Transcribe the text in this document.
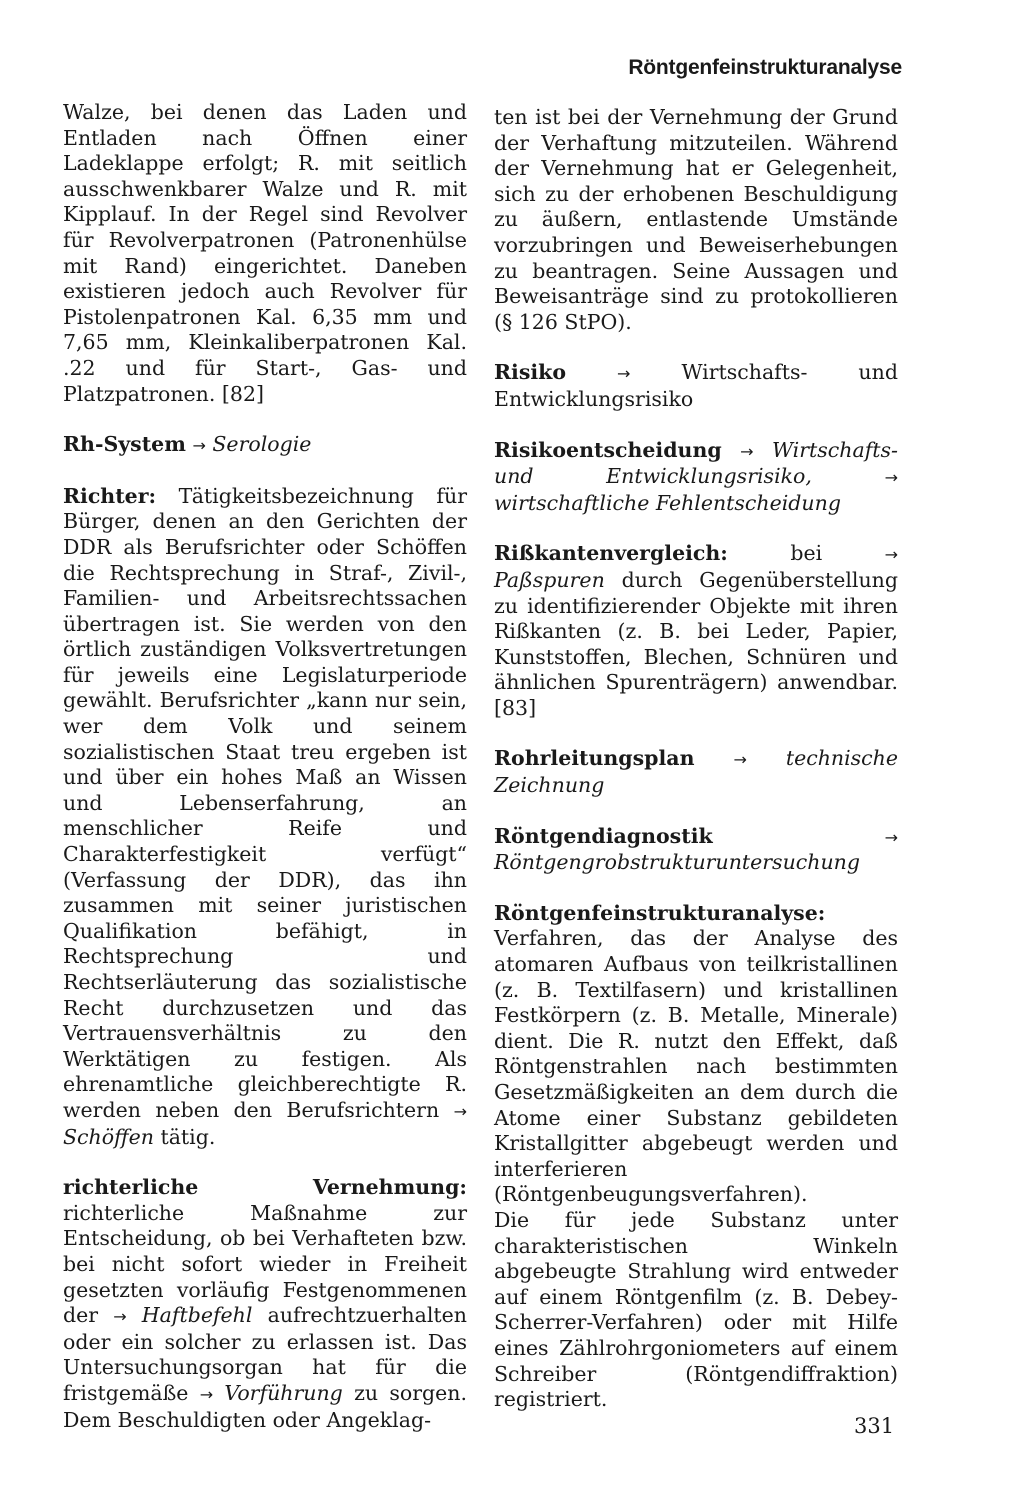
Röntgenfeinstrukturanalyse

Walze, bei denen das Laden und Entladen nach Öffnen einer Ladeklappe erfolgt; R. mit seitlich ausschwenkbarer Walze und R. mit Kipplauf. In der Regel sind Revolver für Revolverpatronen (Patronenhülse mit Rand) eingerichtet. Daneben existieren jedoch auch Revolver für Pistolenpatronen Kal. 6,35 mm und 7,65 mm, Kleinkaliberpatronen Kal. .22 und für Start-, Gas- und Platzpatronen. [82]

Rh-System → Serologie

Richter: Tätigkeitsbezeichnung für Bürger, denen an den Gerichten der DDR als Berufsrichter oder Schöffen die Rechtsprechung in Straf-, Zivil-, Familien- und Arbeitsrechtssachen übertragen ist. Sie werden von den örtlich zuständigen Volksvertretungen für jeweils eine Legislaturperiode gewählt. Berufsrichter „kann nur sein, wer dem Volk und seinem sozialistischen Staat treu ergeben ist und über ein hohes Maß an Wissen und Lebenserfahrung, an menschlicher Reife und Charakterfestigkeit verfügt“ (Verfassung der DDR), das ihn zusammen mit seiner juristischen Qualifikation befähigt, in Rechtsprechung und Rechtserläuterung das sozialistische Recht durchzusetzen und das Vertrauensverhältnis zu den Werktätigen zu festigen. Als ehrenamtliche gleichberechtigte R. werden neben den Berufsrichtern → Schöffen tätig.

richterliche Vernehmung: richterliche Maßnahme zur Entscheidung, ob bei Verhafteten bzw. bei nicht sofort wieder in Freiheit gesetzten vorläufig Festgenommenen der → Haftbefehl aufrechtzuerhalten oder ein solcher zu erlassen ist. Das Untersuchungsorgan hat für die fristgemäße → Vorführung zu sorgen. Dem Beschuldigten oder Angeklag-

ten ist bei der Vernehmung der Grund der Verhaftung mitzuteilen. Während der Vernehmung hat er Gelegenheit, sich zu der erhobenen Beschuldigung zu äußern, entlastende Umstände vorzubringen und Beweiserhebungen zu beantragen. Seine Aussagen und Beweisanträge sind zu protokollieren (§ 126 StPO).

Risiko	→ Wirtschafts- und Entwicklungsrisiko

Risikoentscheidung → Wirtschafts- und Entwicklungsrisiko,	→ wirtschaftliche Fehlentscheidung

Rißkantenvergleich:	bei	→ Paßspuren durch Gegenüberstellung zu identifizierender Objekte mit ihren Rißkanten (z. B. bei Leder, Papier, Kunststoffen, Blechen, Schnüren und ähnlichen Spurenträgern) anwendbar. [83]

Rohrleitungsplan → technische Zeichnung

Röntgendiagnostik	→ Röntgengrobstrukturuntersuchung

Röntgenfeinstrukturanalyse: Verfahren, das der Analyse des atomaren Aufbaus von teilkristallinen (z. B. Textilfasern) und kristallinen Festkörpern (z. B. Metalle, Minerale) dient. Die R. nutzt den Effekt, daß Röntgenstrahlen nach bestimmten Gesetzmäßigkeiten an dem durch die Atome einer Substanz gebildeten Kristallgitter abgebeugt werden und interferieren (Röntgenbeugungsverfahren).

Die für jede Substanz unter charakteristischen Winkeln abgebeugte Strahlung wird entweder auf einem Röntgenfilm (z. B. Debey-Scherrer-Verfahren) oder mit Hilfe eines Zählrohrgoniometers auf einem Schreiber (Röntgendiffraktion) registriert.

331
